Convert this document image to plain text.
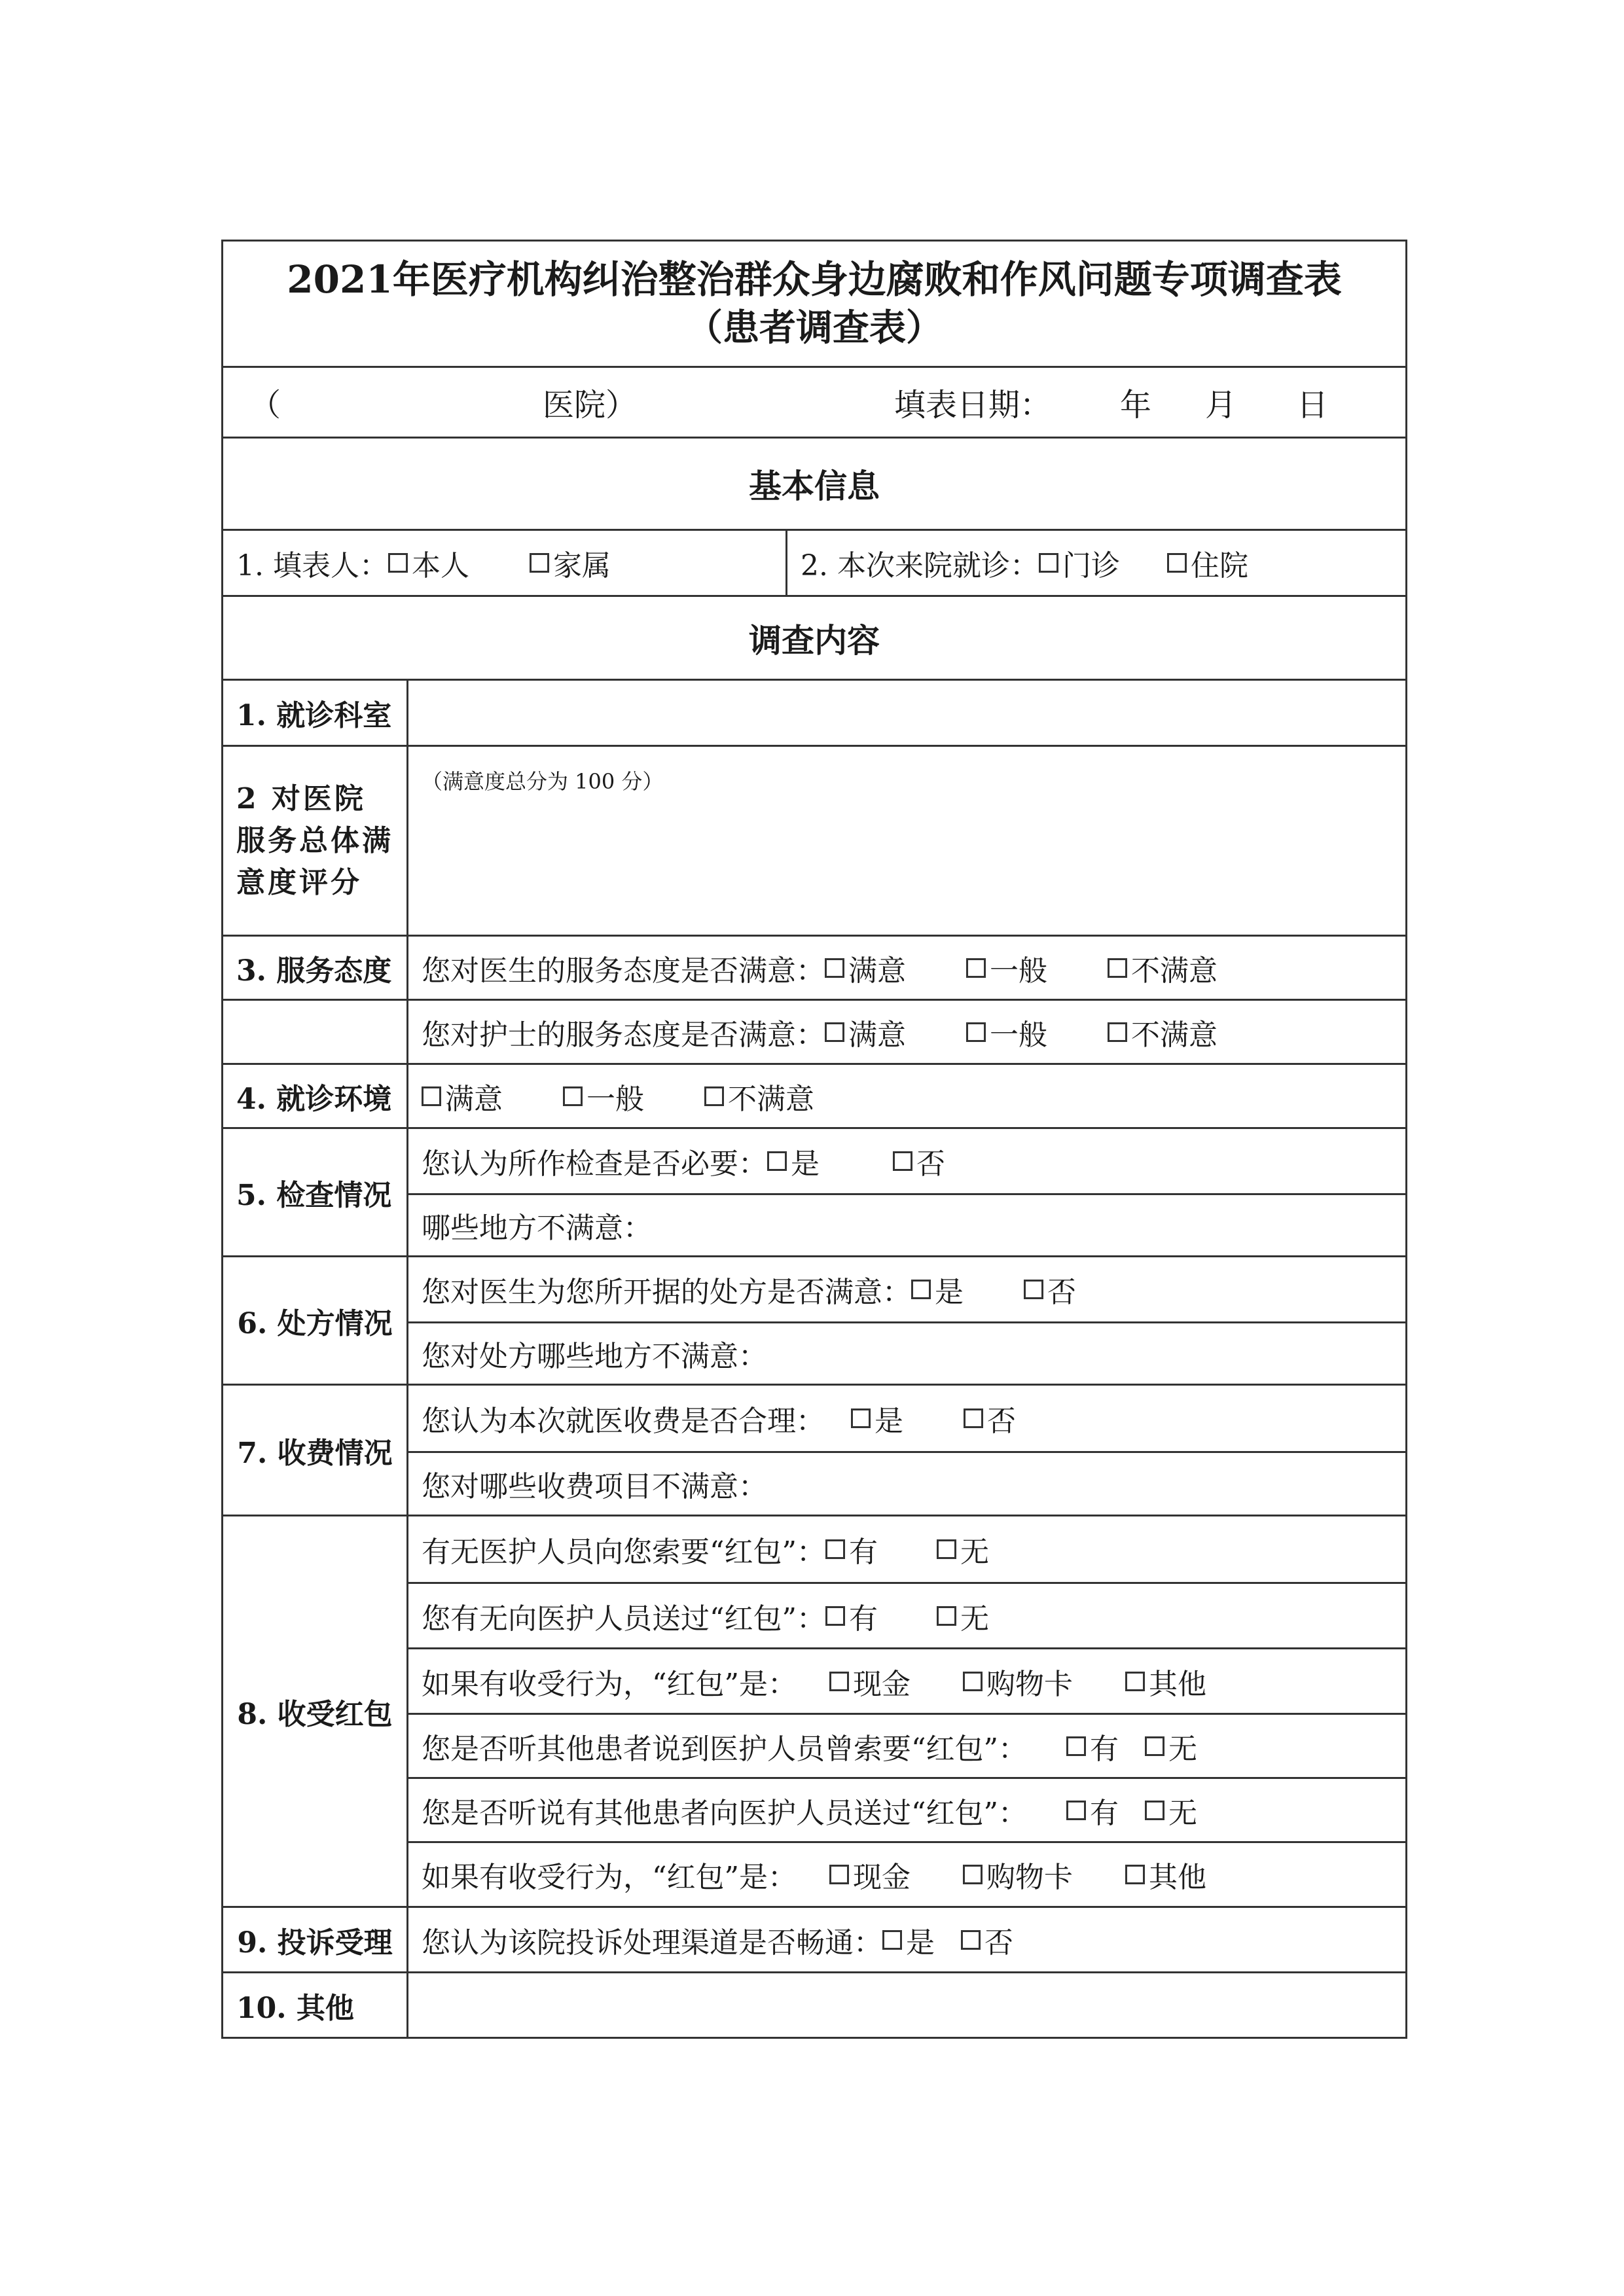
2021年医疗机构纠治整治群众身边腐败和作风问题专项调查表
（患者调查表）
（	医院）	填表日期： 年 月 日
基本信息
1. 填表人： 本人	家属	2. 本次来院就诊： 门诊 住院
调查内容
1. 就诊科室
2 对医院服务总体满意度评分
（满意度总分为 100 分）
3. 服务态度	您对医生的服务态度是否满意： 满意	一般	不满意
您对护士的服务态度是否满意： 满意	一般	不满意
4. 就诊环境	满意	一般	不满意
5. 检查情况
您认为所作检查是否必要： 是	否
哪些地方不满意：
6. 处方情况
您对医生为您所开据的处方是否满意： 是	否
您对处方哪些地方不满意：
7. 收费情况
您认为本次就医收费是否合理： 是	否
您对哪些收费项目不满意：
8. 收受红包
有无医护人员向您索要“红包”： 有	无
您有无向医护人员送过“红包”： 有	无
如果有收受行为，“红包”是： 现金	购物卡	其他
您是否听其他患者说到医护人员曾索要“红包”： 有 无
您是否听说有其他患者向医护人员送过“红包”： 有 无
如果有收受行为，“红包”是： 现金	购物卡	其他
9. 投诉受理	您认为该院投诉处理渠道是否畅通： 是 否
10. 其他
